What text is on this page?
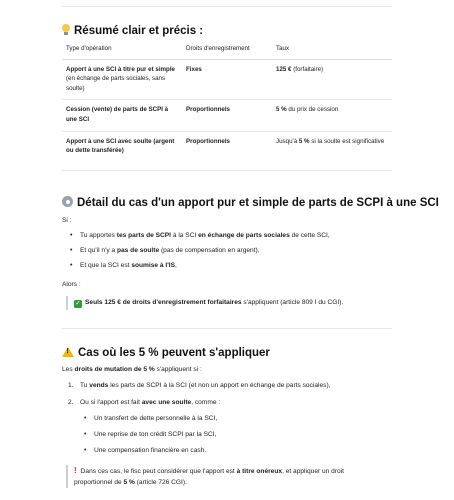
Résumé clair et précis :
Type d'opération	Droits d'enregistrement	Taux
Apport à une SCI à titre pur et simple (en échange de parts sociales, sans soulte)	Fixes	125 € (forfaitaire)
Cession (vente) de parts de SCPI à une SCI	Proportionnels	5 % du prix de cession
Apport à une SCI avec soulte (argent ou dette transférée)	Proportionnels	Jusqu'à 5 % si la soulte est significative
Détail du cas d'un apport pur et simple de parts de SCPI à une SCI
Si :
• Tu apportes tes parts de SCPI à la SCI en échange de parts sociales de cette SCI,
• Et qu'il n'y a pas de soulte (pas de compensation en argent),
• Et que la SCI est soumise à l'IS,
Alors :
✓ Seuls 125 € de droits d'enregistrement forfaitaires s'appliquent (article 809 I du CGI).
!Cas où les 5 % peuvent s'appliquer
Les droits de mutation de 5 % s'appliquent si :
1. Tu vends les parts de SCPI à la SCI (et non un apport en échange de parts sociales),
2. Ou si l'apport est fait avec une soulte, comme :
• Un transfert de dette personnelle à la SCI,
• Une reprise de ton crédit SCPI par la SCI,
• Une compensation financière en cash.
! Dans ces cas, le fisc peut considérer que l'apport est à titre onéreux, et appliquer un droit
proportionnel de 5 % (article 726 CGI).
